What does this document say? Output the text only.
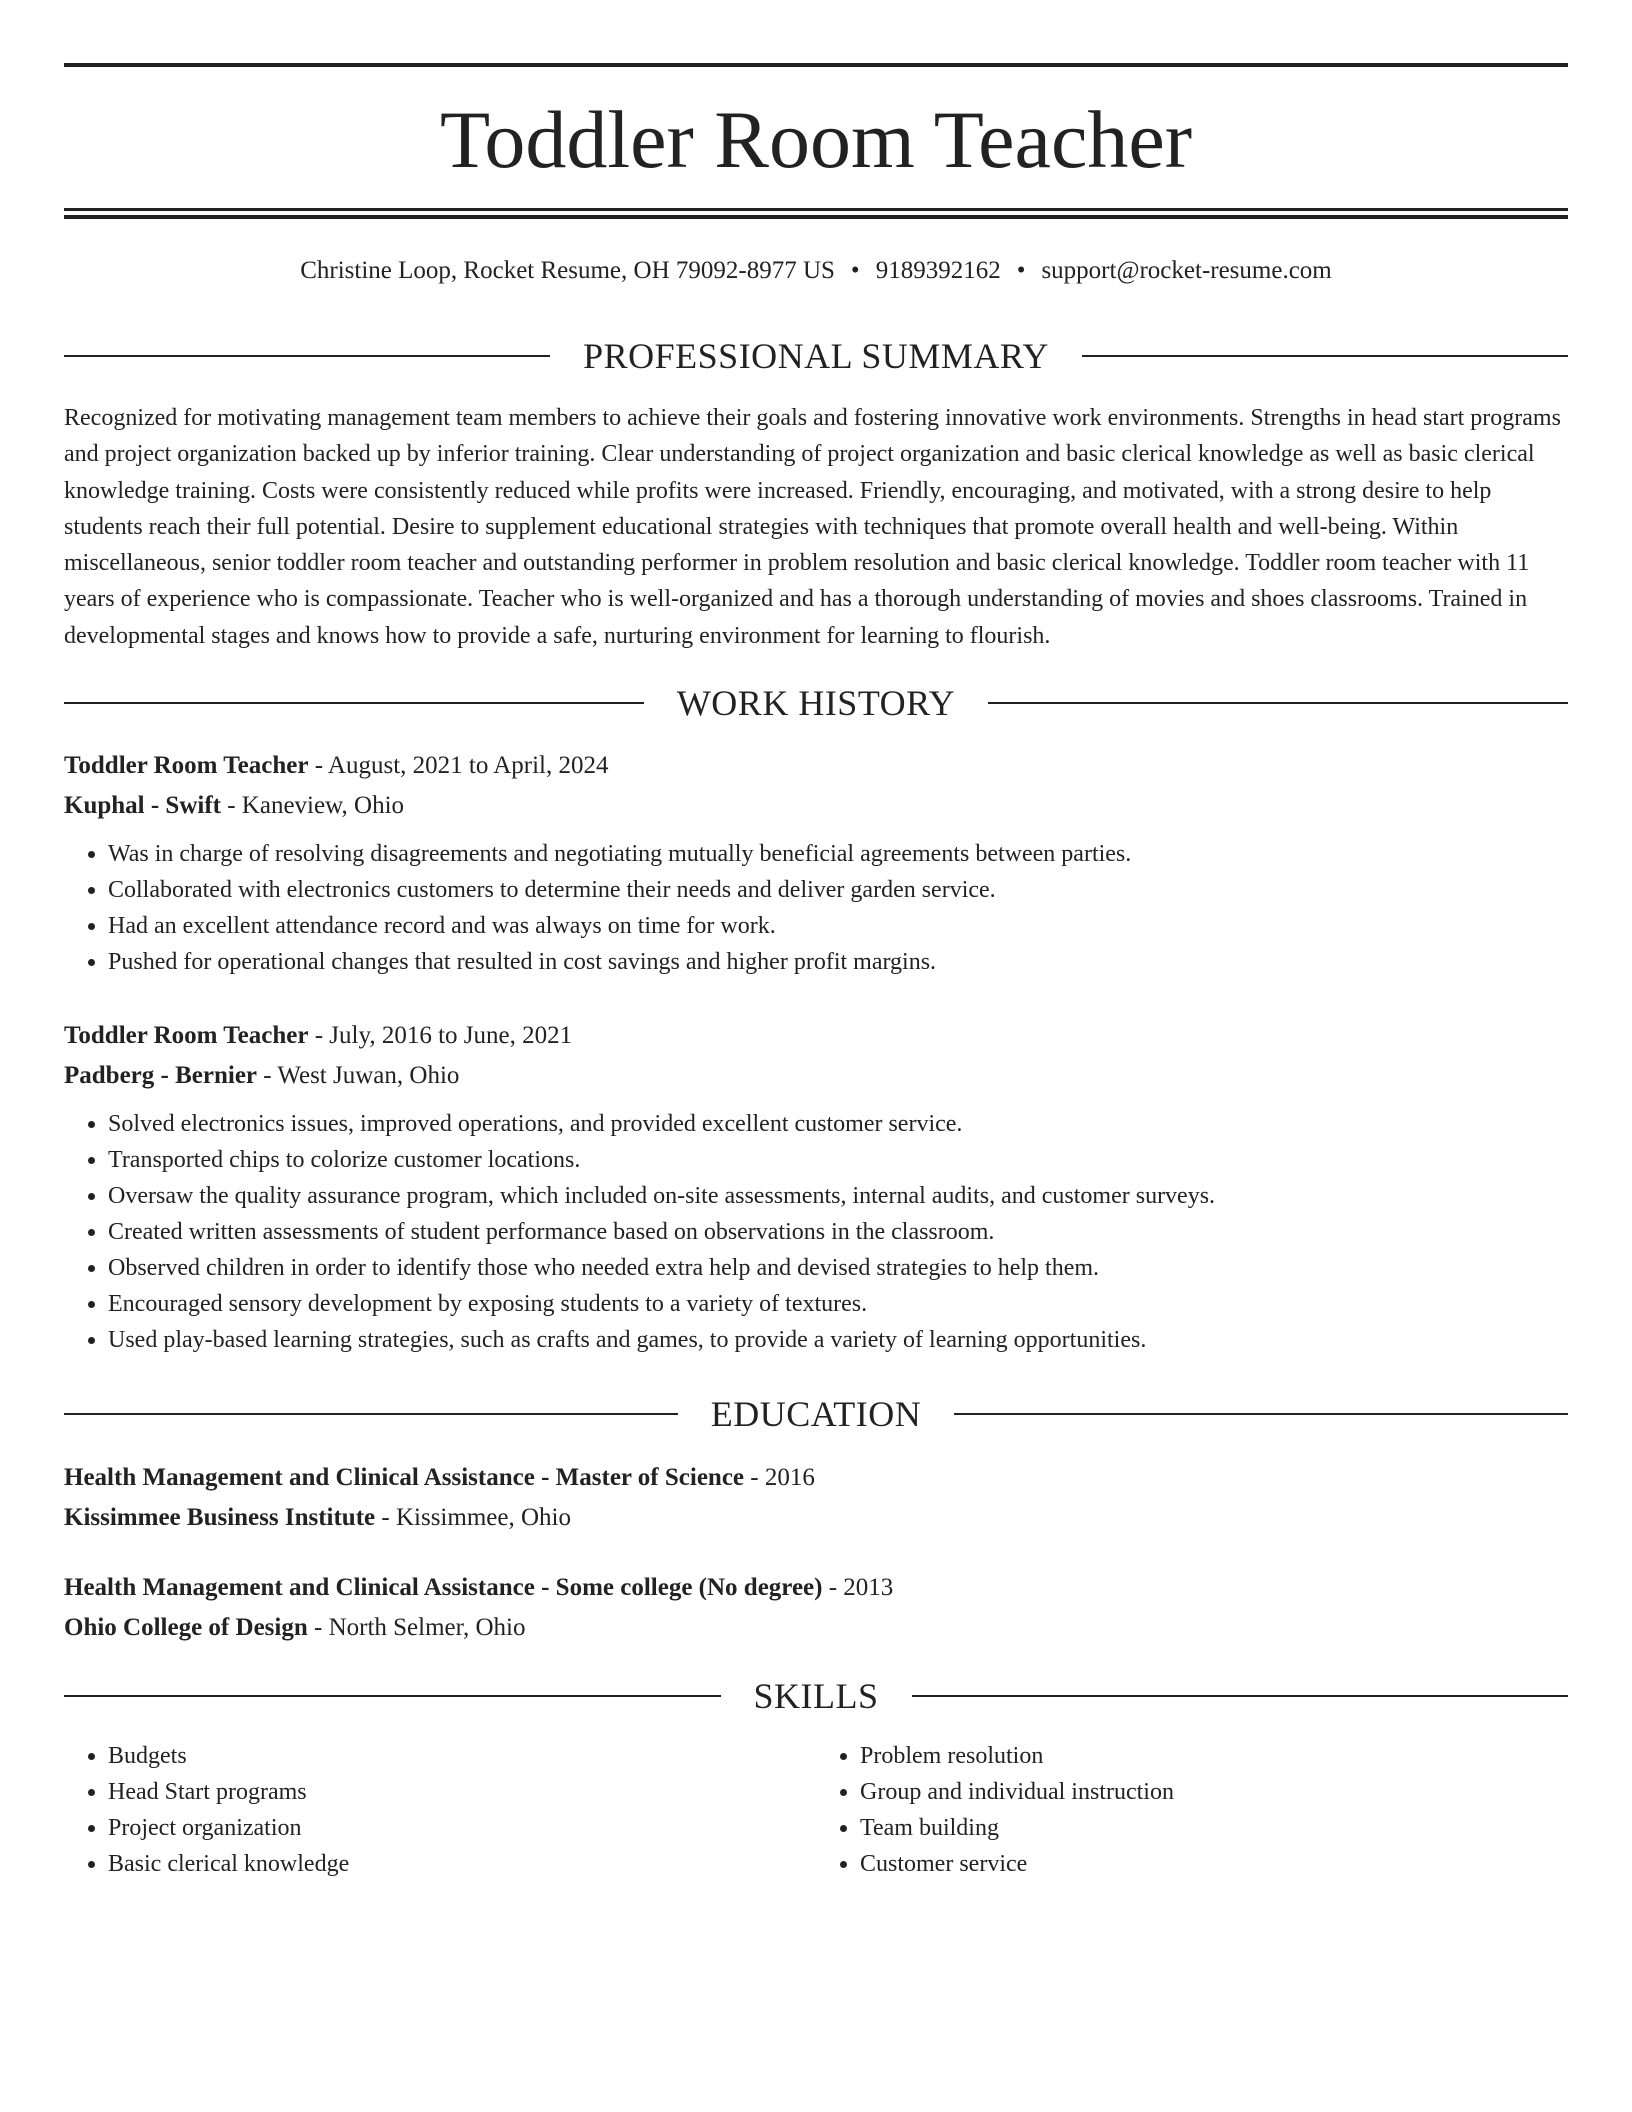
Toddler Room Teacher
Christine Loop, Rocket Resume, OH 79092-8977 US • 9189392162 • support@rocket-resume.com
PROFESSIONAL SUMMARY

Recognized for motivating management team members to achieve their goals and fostering innovative work environments. Strengths in head start programs and project organization backed up by inferior training. Clear understanding of project organization and basic clerical knowledge as well as basic clerical knowledge training. Costs were consistently reduced while profits were increased. Friendly, encouraging, and motivated, with a strong desire to help students reach their full potential. Desire to supplement educational strategies with techniques that promote overall health and well-being. Within miscellaneous, senior toddler room teacher and outstanding performer in problem resolution and basic clerical knowledge. Toddler room teacher with 11 years of experience who is compassionate. Teacher who is well-organized and has a thorough understanding of movies and shoes classrooms. Trained in developmental stages and knows how to provide a safe, nurturing environment for learning to flourish.

WORK HISTORY
Toddler Room Teacher - August, 2021 to April, 2024
Kuphal - Swift - Kaneview, Ohio
• Was in charge of resolving disagreements and negotiating mutually beneficial agreements between parties.
• Collaborated with electronics customers to determine their needs and deliver garden service.
• Had an excellent attendance record and was always on time for work.
• Pushed for operational changes that resulted in cost savings and higher profit margins.
Toddler Room Teacher - July, 2016 to June, 2021
Padberg - Bernier - West Juwan, Ohio
• Solved electronics issues, improved operations, and provided excellent customer service.
• Transported chips to colorize customer locations.
• Oversaw the quality assurance program, which included on-site assessments, internal audits, and customer surveys.
• Created written assessments of student performance based on observations in the classroom.
• Observed children in order to identify those who needed extra help and devised strategies to help them.
• Encouraged sensory development by exposing students to a variety of textures.
• Used play-based learning strategies, such as crafts and games, to provide a variety of learning opportunities.
EDUCATION
Health Management and Clinical Assistance - Master of Science - 2016
Kissimmee Business Institute - Kissimmee, Ohio
Health Management and Clinical Assistance - Some college (No degree) - 2013
Ohio College of Design - North Selmer, Ohio
SKILLS
• Budgets
• Head Start programs
• Project organization
• Basic clerical knowledge
• Problem resolution
• Group and individual instruction
• Team building
• Customer service
